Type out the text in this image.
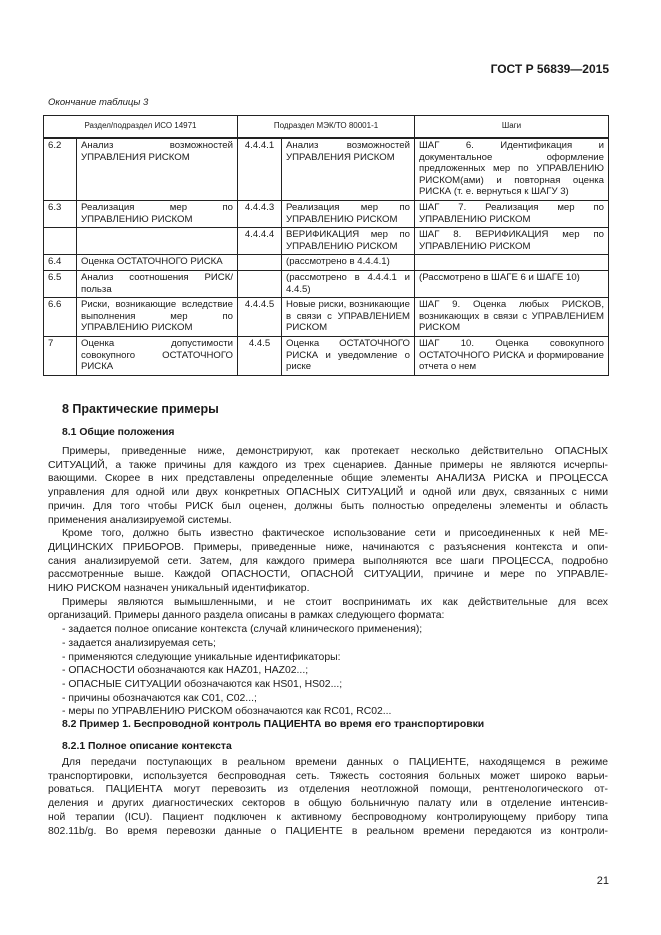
ГОСТ Р 56839—2015
Окончание таблицы 3
Раздел/подраздел ИСО 14971		Подраздел МЭК/ТО 80001-1		Шаги
6.2	Анализ возможностей УПРАВЛЕНИЯ РИСКОМ	4.4.4.1	Анализ возможностей УПРАВЛЕНИЯ РИСКОМ	ШАГ 6. Идентификация и документальное оформление предложенных мер по УПРАВЛЕНИЮ РИСКОМ(ами) и повторная оценка РИСКА (т. е. вернуться к ШАГУ 3)
6.3	Реализация мер по УПРАВЛЕНИЮ РИСКОМ	4.4.4.3	Реализация мер по УПРАВЛЕНИЮ РИСКОМ	ШАГ 7. Реализация мер по УПРАВЛЕНИЮ РИСКОМ
		4.4.4.4	ВЕРИФИКАЦИЯ мер по УПРАВЛЕНИЮ РИСКОМ	ШАГ 8. ВЕРИФИКАЦИЯ мер по УПРАВЛЕНИЮ РИСКОМ
6.4	Оценка ОСТАТОЧНОГО РИСКА		(рассмотрено в 4.4.4.1)	
6.5	Анализ соотношения РИСК/польза		(рассмотрено в 4.4.4.1 и 4.4.5)	(Рассмотрено в ШАГЕ 6 и ШАГЕ 10)
6.6	Риски, возникающие вследствие выполнения мер по УПРАВЛЕНИЮ РИСКОМ	4.4.4.5	Новые риски, возникающие в связи с УПРАВЛЕНИЕМ РИСКОМ	ШАГ 9. Оценка любых РИСКОВ, возникающих в связи с УПРАВЛЕНИЕМ РИСКОМ
7	Оценка допустимости совокупного ОСТАТОЧНОГО РИСКА	4.4.5	Оценка ОСТАТОЧНОГО РИСКА и уведомление о риске	ШАГ 10. Оценка совокупного ОСТАТОЧНОГО РИСКА и формирование отчета о нем
8 Практические примеры
8.1 Общие положения
Примеры, приведенные ниже, демонстрируют, как протекает несколько действительно ОПАСНЫХ
СИТУАЦИЙ, а также причины для каждого из трех сценариев. Данные примеры не являются исчерпы-
вающими. Скорее в них представлены определенные общие элементы АНАЛИЗА РИСКА и ПРОЦЕССА
управления для одной или двух конкретных ОПАСНЫХ СИТУАЦИЙ и одной или двух, связанных с ними
причин. Для того чтобы РИСК был оценен, должны быть полностью определены элементы и область
применения анализируемой системы.
Кроме того, должно быть известно фактическое использование сети и присоединенных к ней МЕ-
ДИЦИНСКИХ ПРИБОРОВ. Примеры, приведенные ниже, начинаются с разъяснения контекста и опи-
сания анализируемой сети. Затем, для каждого примера выполняются все шаги ПРОЦЕССА, подробно
рассмотренные выше. Каждой ОПАСНОСТИ, ОПАСНОЙ СИТУАЦИИ, причине и мере по УПРАВЛЕ-
НИЮ РИСКОМ назначен уникальный идентификатор.
Примеры являются вымышленными, и не стоит воспринимать их как действительные для всех
организаций. Примеры данного раздела описаны в рамках следующего формата:
- задается полное описание контекста (случай клинического применения);
- задается анализируемая сеть;
- применяются следующие уникальные идентификаторы:
- ОПАСНОСТИ обозначаются как HAZ01, HAZ02...;
- ОПАСНЫЕ СИТУАЦИИ обозначаются как HS01, HS02...;
- причины обозначаются как C01, C02...;
- меры по УПРАВЛЕНИЮ РИСКОМ обозначаются как RC01, RC02...
8.2 Пример 1. Беспроводной контроль ПАЦИЕНТА во время его транспортировки
8.2.1 Полное описание контекста
Для передачи поступающих в реальном времени данных о ПАЦИЕНТЕ, находящемся в режиме
транспортировки, используется беспроводная сеть. Тяжесть состояния больных может широко варьи-
роваться. ПАЦИЕНТА могут перевозить из отделения неотложной помощи, рентгенологического от-
деления и других диагностических секторов в общую больничную палату или в отделение интенсив-
ной терапии (ICU). Пациент подключен к активному беспроводному контролирующему прибору типа
802.11b/g. Во время перевозки данные о ПАЦИЕНТЕ в реальном времени передаются из контроли-
21
